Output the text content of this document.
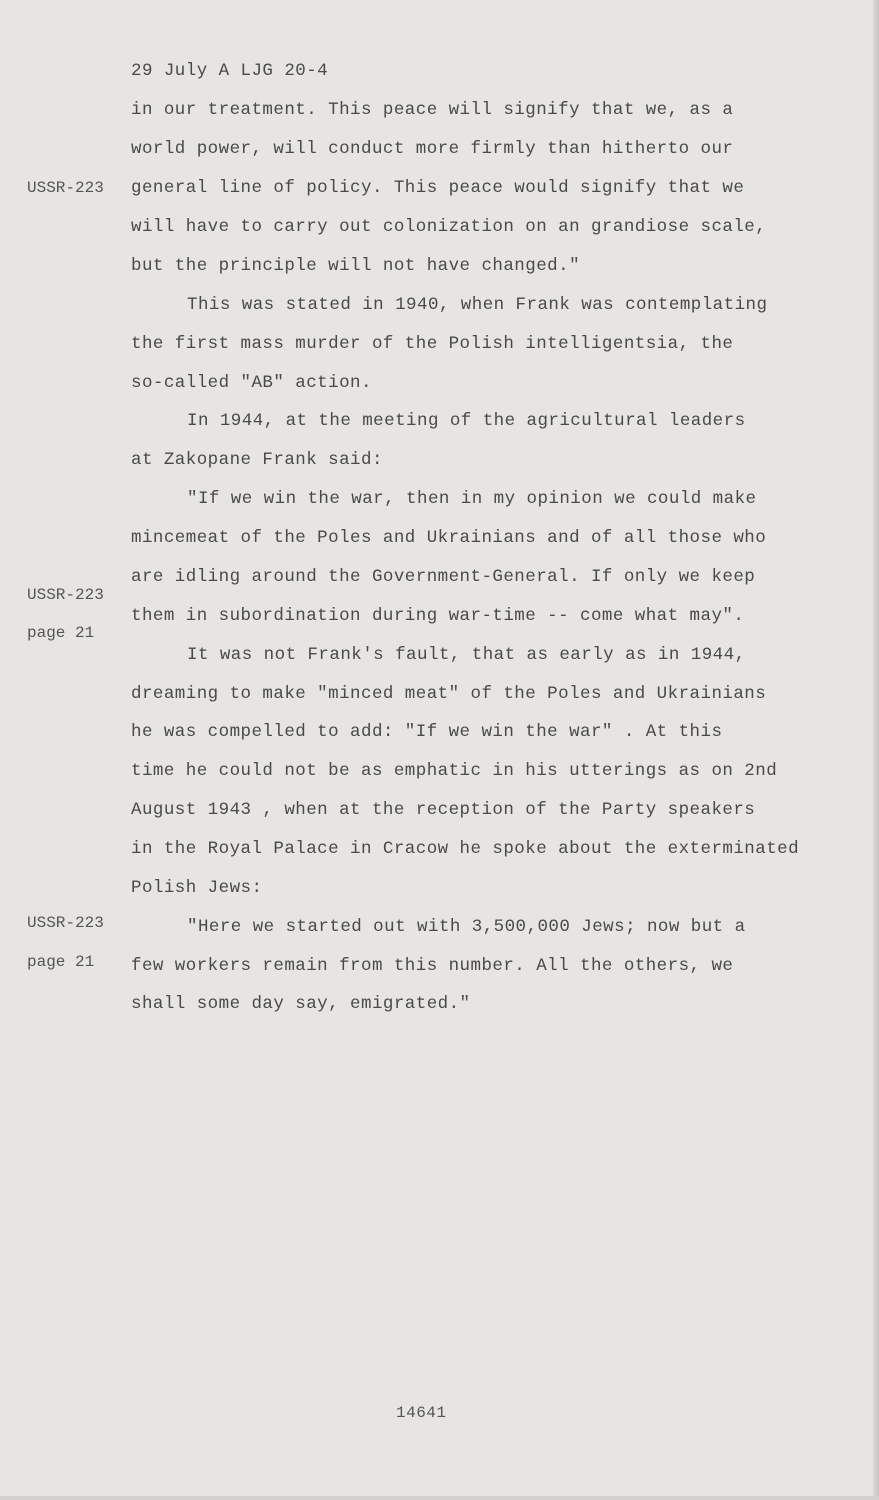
29 July A LJG 20-4
in our treatment. This peace will signify that we, as a
world power, will conduct more firmly than hitherto our
USSR-223 general line of policy. This peace would signify that we
will have to carry out colonization on an grandiose scale,
but the principle will not have changed."
This was stated in 1940, when Frank was contemplating
the first mass murder of the Polish intelligentsia, the
so-called "AB" action.
In 1944, at the meeting of the agricultural leaders
at Zakopane Frank said:
"If we win the war, then in my opinion we could make
mincemeat of the Poles and Ukrainians and of all those who
are idling around the Government-General. If only we keep
USSR-223
them in subordination during war-time -- come what may".
page 21
It was not Frank's fault, that as early as in 1944,
dreaming to make "minced meat" of the Poles and Ukrainians
he was compelled to add: "If we win the war" . At this
time he could not be as emphatic in his utterings as on 2nd
August 1943 , when at the reception of the Party speakers
in the Royal Palace in Cracow he spoke about the exterminated
Polish Jews:
USSR-223	"Here we started out with 3,500,000 Jews; now but a
page 21 few workers remain from this number. All the others, we
shall some day say, emigrated."
14641
